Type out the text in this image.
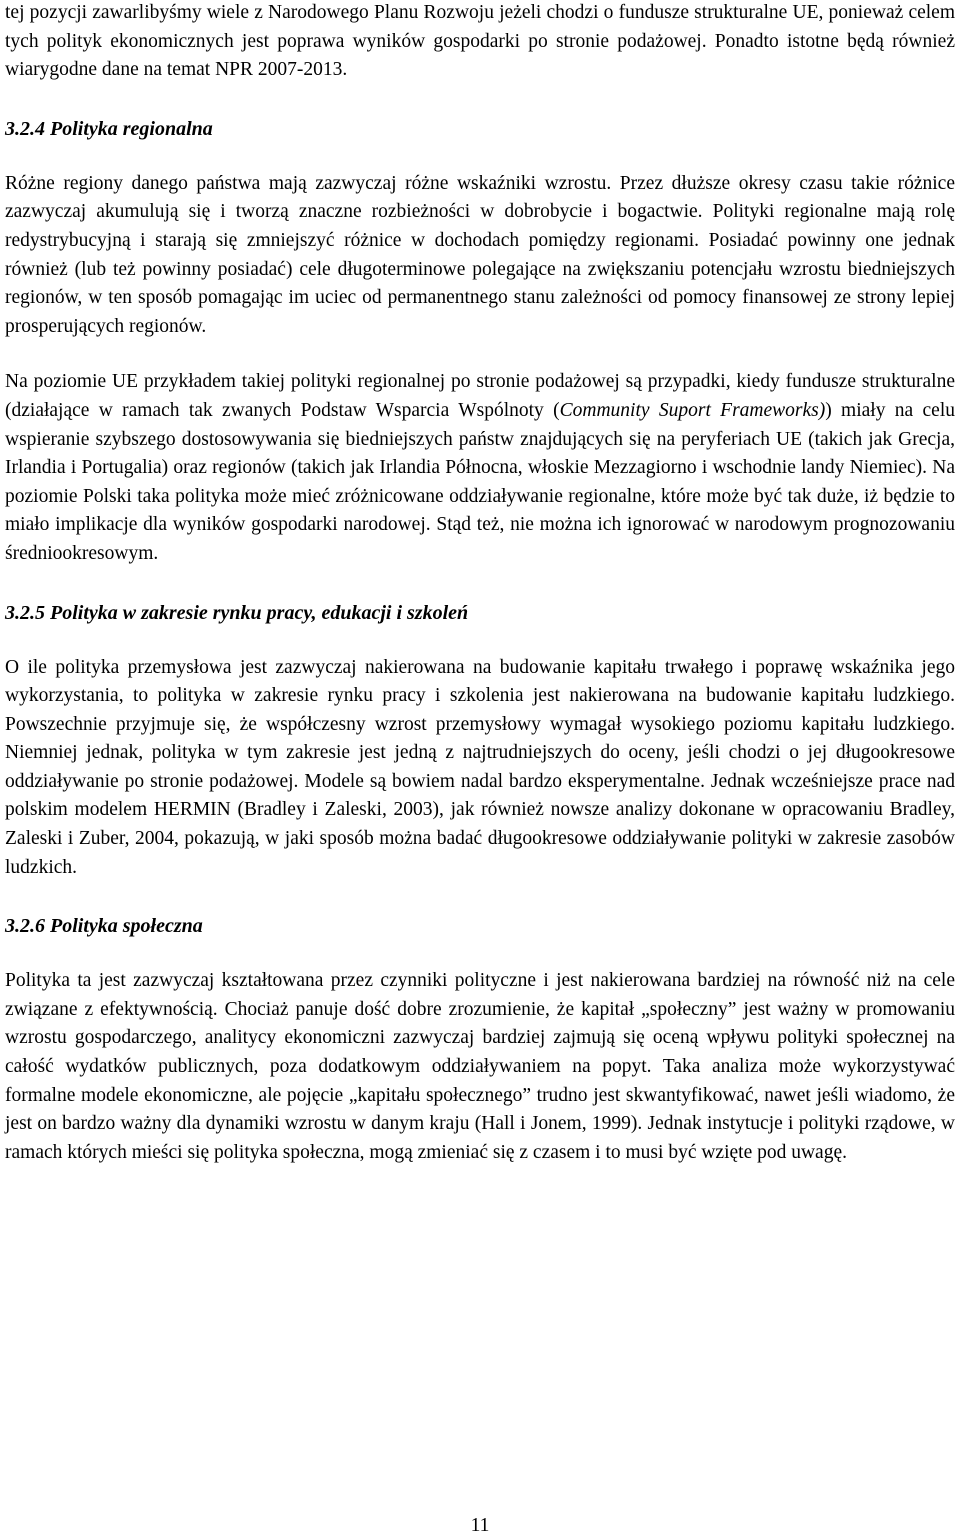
tej pozycji zawarlibyśmy wiele z Narodowego Planu Rozwoju jeżeli chodzi o fundusze strukturalne UE, ponieważ celem tych polityk ekonomicznych jest poprawa wyników gospodarki po stronie podażowej. Ponadto istotne będą również wiarygodne dane na temat NPR 2007-2013.

3.2.4 Polityka regionalna

Różne regiony danego państwa mają zazwyczaj różne wskaźniki wzrostu. Przez dłuższe okresy czasu takie różnice zazwyczaj akumulują się i tworzą znaczne rozbieżności w dobrobycie i bogactwie. Polityki regionalne mają rolę redystrybucyjną i starają się zmniejszyć różnice w dochodach pomiędzy regionami. Posiadać powinny one jednak również (lub też powinny posiadać) cele długoterminowe polegające na zwiększaniu potencjału wzrostu biedniejszych regionów, w ten sposób pomagając im uciec od permanentnego stanu zależności od pomocy finansowej ze strony lepiej prosperujących regionów.

Na poziomie UE przykładem takiej polityki regionalnej po stronie podażowej są przypadki, kiedy fundusze strukturalne (działające w ramach tak zwanych Podstaw Wsparcia Wspólnoty (Community Suport Frameworks)) miały na celu wspieranie szybszego dostosowywania się biedniejszych państw znajdujących się na peryferiach UE (takich jak Grecja, Irlandia i Portugalia) oraz regionów (takich jak Irlandia Północna, włoskie Mezzagiorno i wschodnie landy Niemiec). Na poziomie Polski taka polityka może mieć zróżnicowane oddziaływanie regionalne, które może być tak duże, iż będzie to miało implikacje dla wyników gospodarki narodowej. Stąd też, nie można ich ignorować w narodowym prognozowaniu średniookresowym.

3.2.5 Polityka w zakresie rynku pracy, edukacji i szkoleń

O ile polityka przemysłowa jest zazwyczaj nakierowana na budowanie kapitału trwałego i poprawę wskaźnika jego wykorzystania, to polityka w zakresie rynku pracy i szkolenia jest nakierowana na budowanie kapitału ludzkiego. Powszechnie przyjmuje się, że współczesny wzrost przemysłowy wymagał wysokiego poziomu kapitału ludzkiego. Niemniej jednak, polityka w tym zakresie jest jedną z najtrudniejszych do oceny, jeśli chodzi o jej długookresowe oddziaływanie po stronie podażowej. Modele są bowiem nadal bardzo eksperymentalne. Jednak wcześniejsze prace nad polskim modelem HERMIN (Bradley i Zaleski, 2003), jak również nowsze analizy dokonane w opracowaniu Bradley, Zaleski i Zuber, 2004, pokazują, w jaki sposób można badać długookresowe oddziaływanie polityki w zakresie zasobów ludzkich.

3.2.6 Polityka społeczna

Polityka ta jest zazwyczaj kształtowana przez czynniki polityczne i jest nakierowana bardziej na równość niż na cele związane z efektywnością. Chociaż panuje dość dobre zrozumienie, że kapitał „społeczny” jest ważny w promowaniu wzrostu gospodarczego, analitycy ekonomiczni zazwyczaj bardziej zajmują się oceną wpływu polityki społecznej na całość wydatków publicznych, poza dodatkowym oddziaływaniem na popyt. Taka analiza może wykorzystywać formalne modele ekonomiczne, ale pojęcie „kapitału społecznego” trudno jest skwantyfikować, nawet jeśli wiadomo, że jest on bardzo ważny dla dynamiki wzrostu w danym kraju (Hall i Jonem, 1999). Jednak instytucje i polityki rządowe, w ramach których mieści się polityka społeczna, mogą zmieniać się z czasem i to musi być wzięte pod uwagę.

11
